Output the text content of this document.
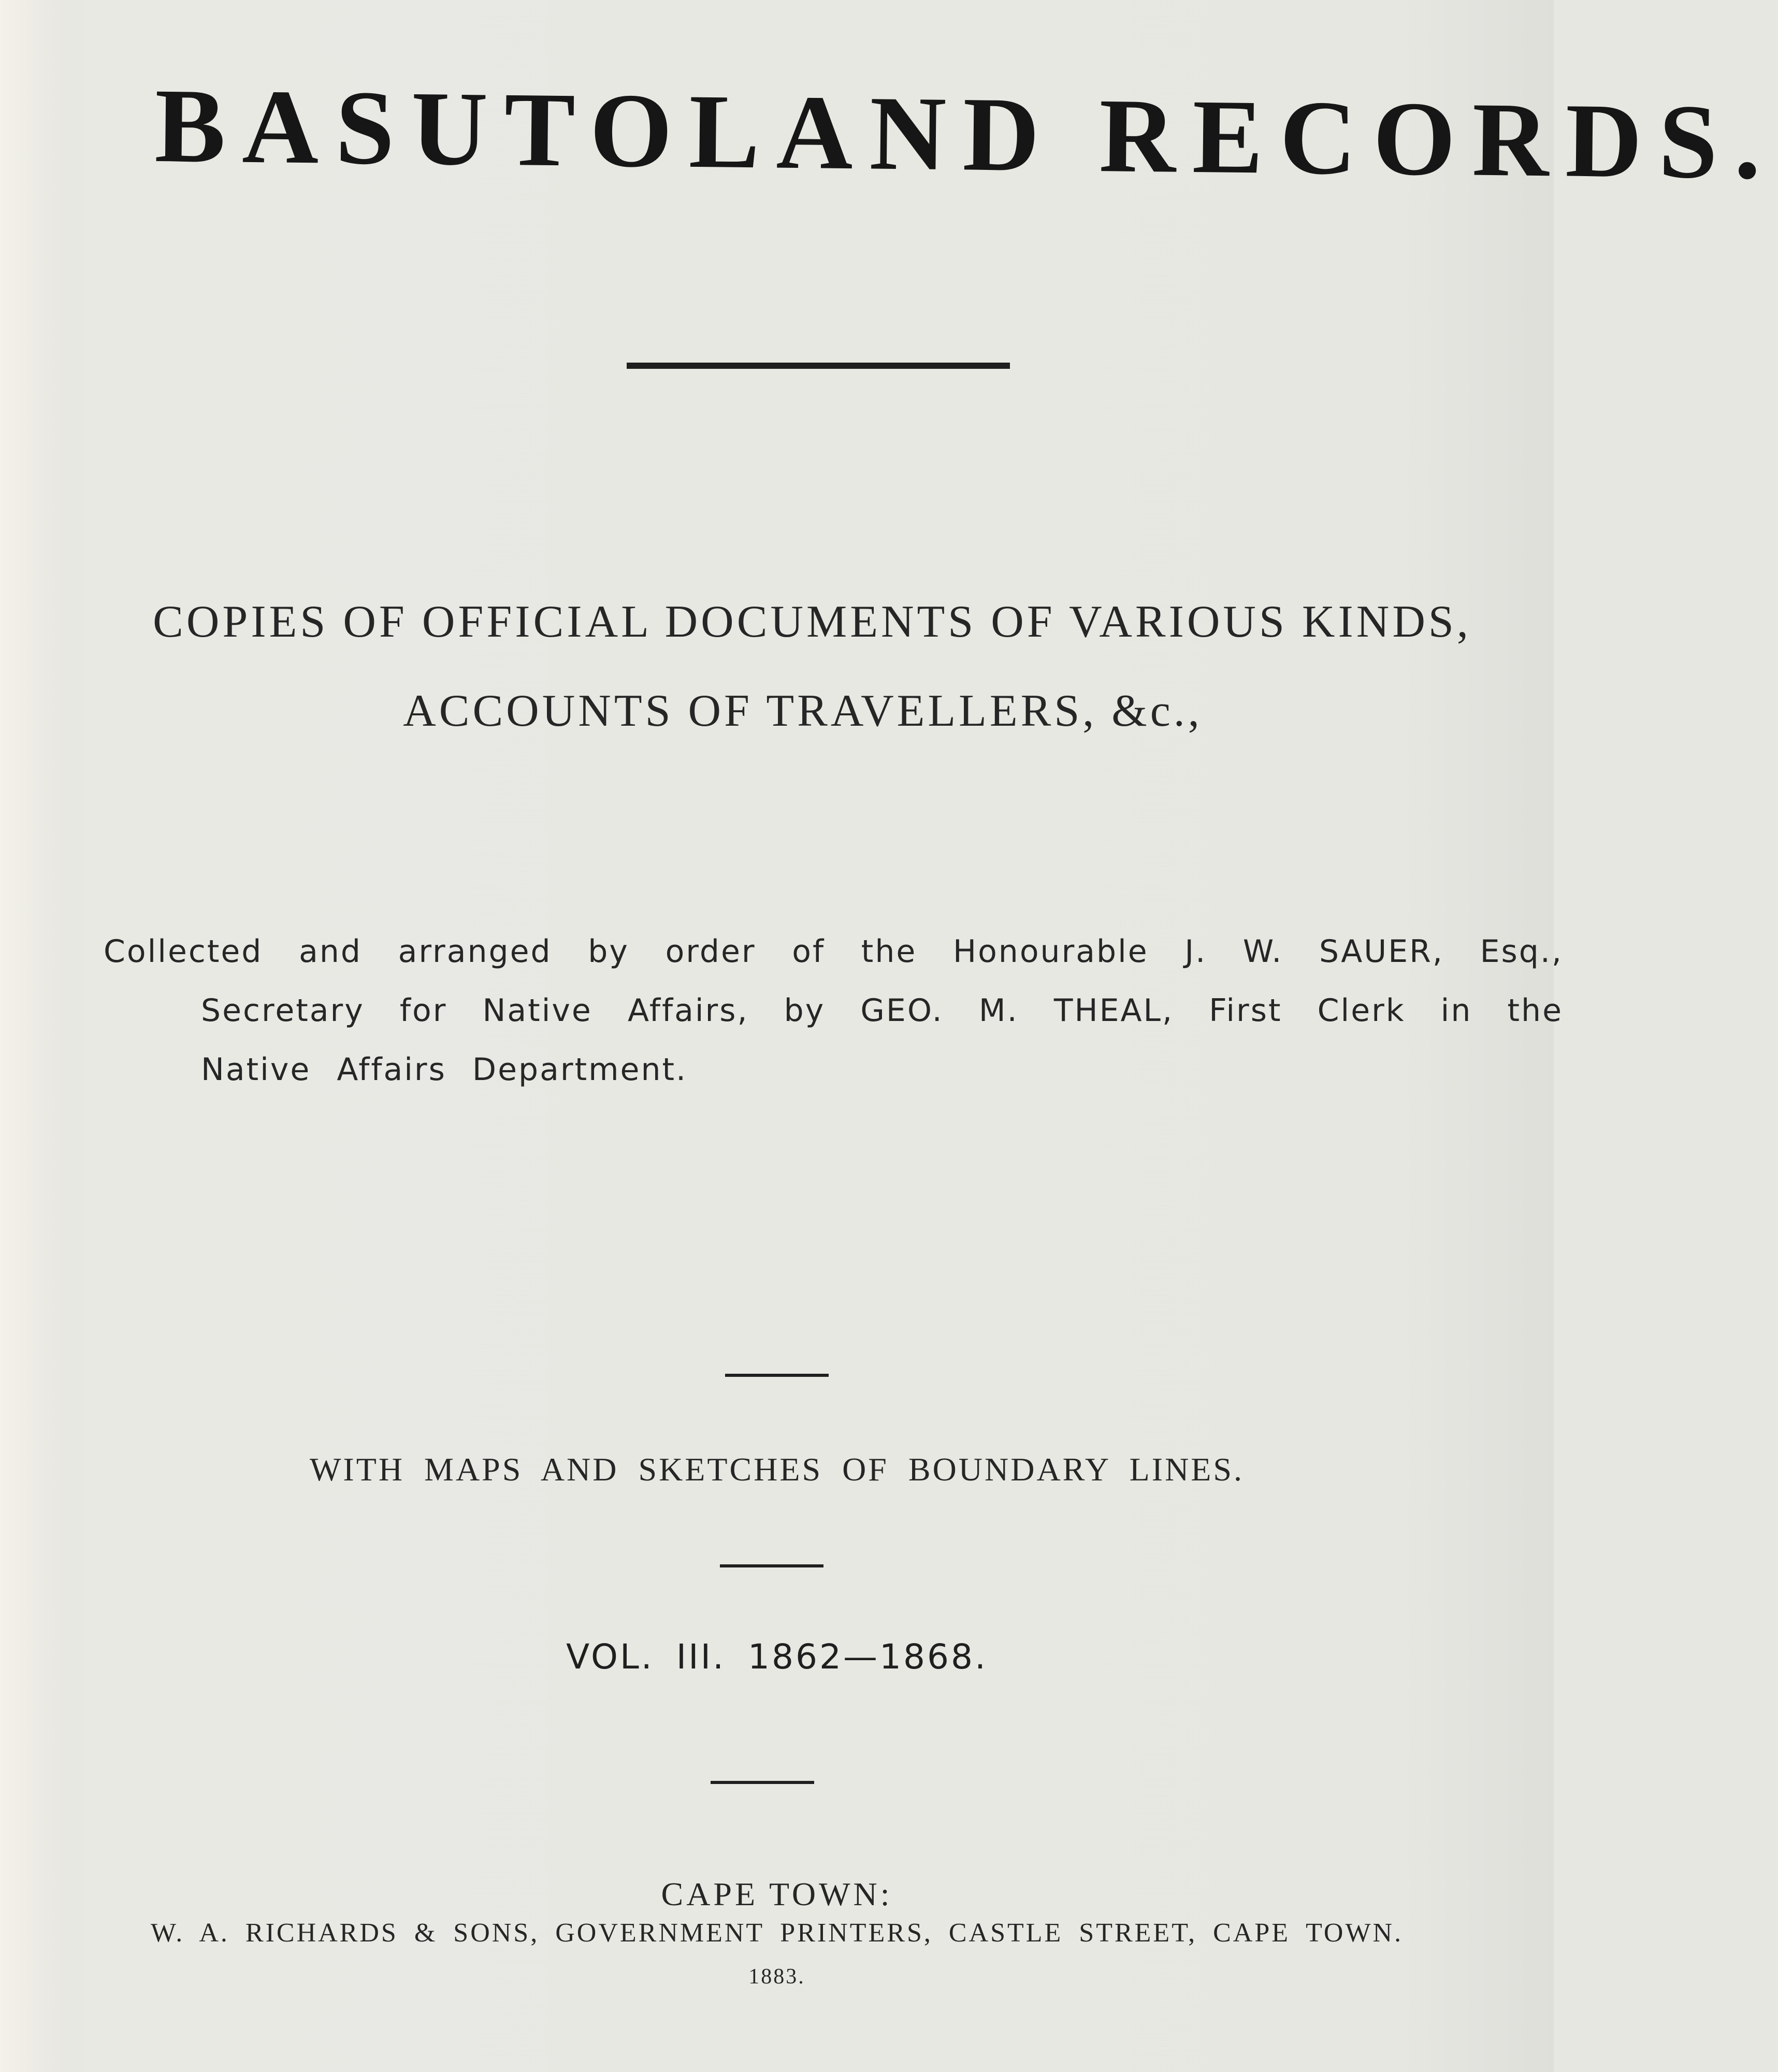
BASUTOLAND RECORDS.
COPIES OF OFFICIAL DOCUMENTS OF VARIOUS KINDS,
ACCOUNTS OF TRAVELLERS, &c.,
Collected and arranged by order of the Honourable J. W. SAUER, Esq., Secretary for Native Affairs, by GEO. M. THEAL, First Clerk in the Native Affairs Department.
WITH MAPS AND SKETCHES OF BOUNDARY LINES.
VOL. III. 1862—1868.
CAPE TOWN:
W. A. RICHARDS & SONS, GOVERNMENT PRINTERS, CASTLE STREET, CAPE TOWN.
1883.
